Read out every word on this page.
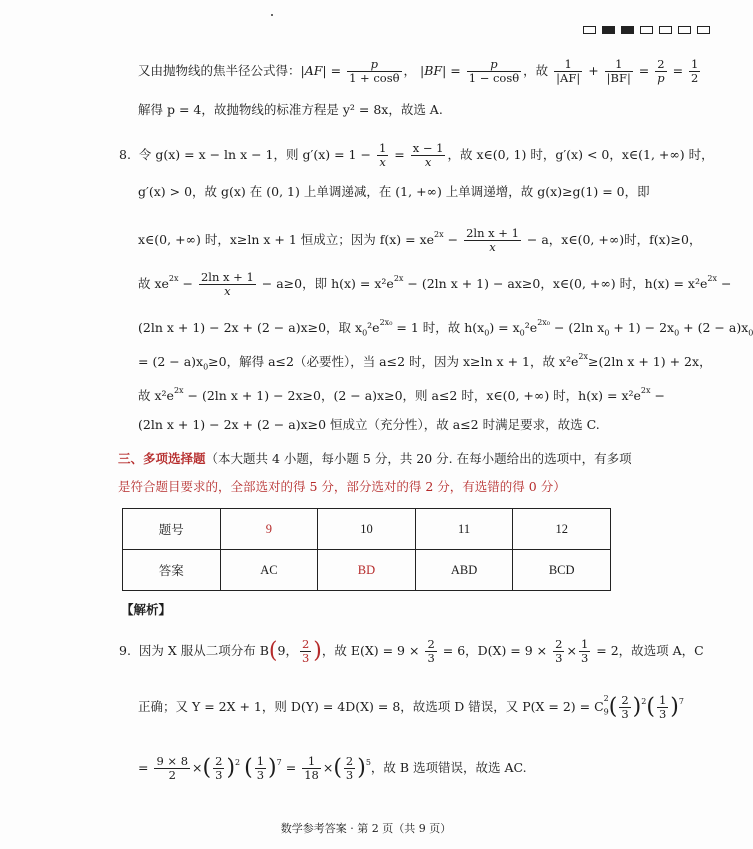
又由抛物线的焦半径公式得：$|AF| = \frac{p}{1 + \cos\theta}$ ， $|BF| = \frac{p}{1 - \cos\theta}$ ，故 $\frac{1}{|AF|} + \frac{1}{|BF|} = \frac{2}{p} = \frac{1}{2}$
解得 p = 4，故抛物线的标准方程是 y² = 8x，故选 A.
8. 令 g(x) = x − ln x − 1，则 $g'(x) = 1 - \frac{1}{x} = \frac{x - 1}{x}$ ，故 x∈(0, 1) 时，g′(x) < 0，x∈(1, +∞) 时，
g′(x) > 0，故 g(x) 在 (0, 1) 上单调递减，在 (1, +∞) 上单调递增，故 g(x)≥g(1) = 0，即
x∈(0, +∞) 时，x≥ln x + 1 恒成立；因为 $f(x) = xe^{2x} - \frac{\text{2ln x + 1}}{x} - a$，x∈(0, +∞)时，f(x)≥0，
故 $xe^{2x} - \frac{\text{2ln x + 1}}{x} - a\ge 0$，即 $h(x) = x^2e^{2x} - (2\ln$ x + 1) − ax≥0，x∈(0, +∞) 时，$h(x) = x^2e^{2x}$ −
(2ln x + 1) − 2x + (2 − a)x≥0，取 $x_0^2e^{2x_0} = 1$ 时，故 $h(x_0) = x_0^2e^{2x_0} - (2\ln$ $x_0 + 1) - 2x_0 + (2 - a)x_0$
= $(2 - a)x_0\ge 0$，解得 a≤2（必要性），当 a≤2 时，因为 x≥ln x + 1，故 $x^2e^{2x}\ge(2\ln$ x + 1) + 2x，
故 $x^2e^{2x} - (2\ln$ x + 1) − 2x≥0，(2 − a)x≥0，则 a≤2 时，x∈(0, +∞) 时，$h(x) = x^2e^{2x}$ −
(2ln x + 1) − 2x + (2 − a)x≥0 恒成立（充分性），故 a≤2 时满足要求，故选 C.
三、多项选择题（本大题共 4 小题，每小题 5 分，共 20 分. 在每小题给出的选项中，有多项
是符合题目要求的，全部选对的得 5 分，部分选对的得 2 分，有选错的得 0 分）
题号	9	10	11	12
答案	AC	BD	ABD	BCD
【解析】
9. 因为 X 服从二项分布 B(9， $\frac{2}{3}$ )，故 $E(X) = 9 \times \frac{2}{3} = 6$，$D(X) = 9 \times \frac{2}{3} \times \frac{1}{3} = 2$，故选项 A，C
正确；又 Y = 2X + 1，则 D(Y) = 4D(X) = 8，故选项 D 错误，又 P(X = 2) = C
2
$_9( \frac{2}{3} )^2( \frac{1}{3} )^7$
= $\frac{9 \times 8}{2}$ ×( $\frac{2}{3} )^2$ ( $\frac{1}{3} )^7 = \frac{1}{18}$ ×( $\frac{2}{3} )^5$，故 B 选项错误，故选 AC.
数学参考答案 · 第 2 页（共 9 页）
